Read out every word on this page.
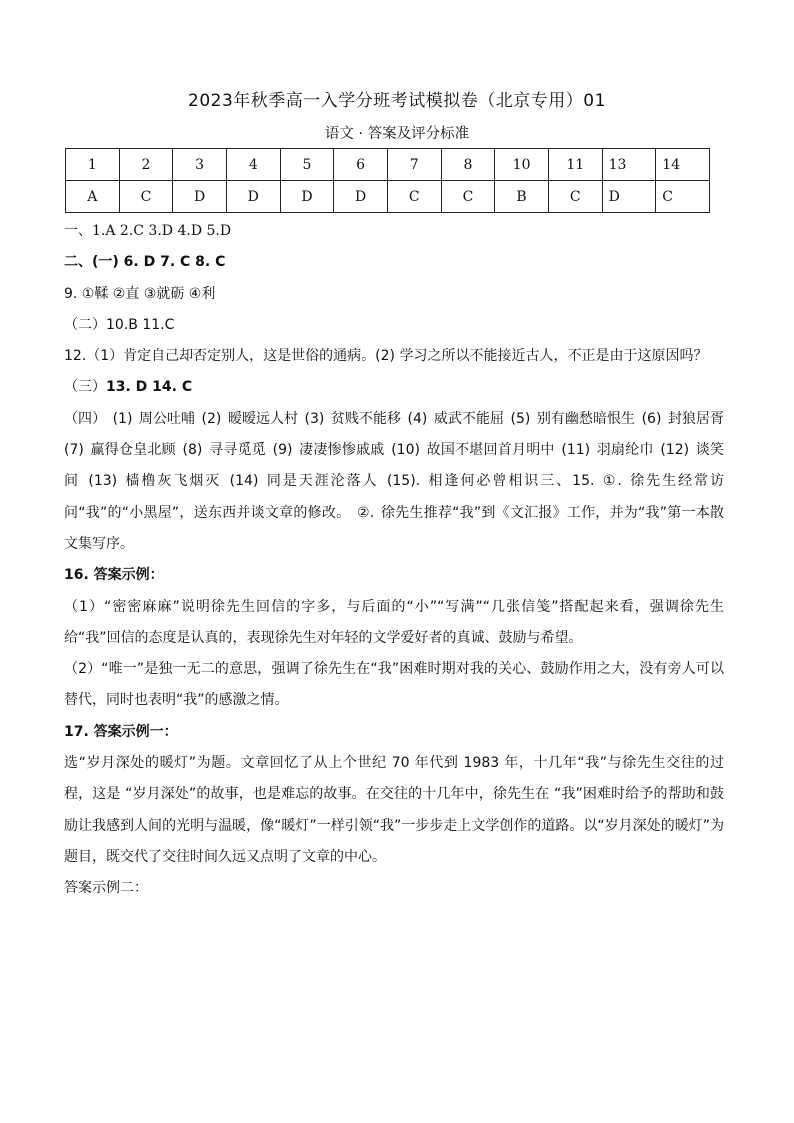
2023年秋季高一入学分班考试模拟卷（北京专用）01
语文 · 答案及评分标准
1	2	3	4	5	6	7	8	10	11	13	14
A	C	D	D	D	D	C	C	B	C	D	C

一、1.A 2.C 3.D 4.D 5.D

二、(一) 6. D 7. C 8. C

9. ①鞣 ②直 ③就砺 ④利

（二）10.B 11.C

12.（1）肯定自己却否定别人，这是世俗的通病。(2) 学习之所以不能接近古人，不正是由于这原因吗？

（三）13. D 14. C

（四） (1) 周公吐哺 (2) 暧暧远人村 (3) 贫贱不能移 (4) 威武不能屈 (5) 别有幽愁暗恨生 (6) 封狼居胥 (7) 赢得仓皇北顾 (8) 寻寻觅觅 (9) 凄凄惨惨戚戚 (10) 故国不堪回首月明中 (11) 羽扇纶巾 (12) 谈笑间 (13) 樯橹灰飞烟灭 (14) 同是天涯沦落人 (15). 相逢何必曾相识三、15. ①. 徐先生经常访问“我”的“小黑屋”，送东西并谈文章的修改。 ②. 徐先生推荐“我”到《文汇报》工作，并为“我”第一本散文集写序。

16. 答案示例：

（1）“密密麻麻”说明徐先生回信的字多，与后面的“小”“写满”“几张信笺”搭配起来看，强调徐先生给“我”回信的态度是认真的，表现徐先生对年轻的文学爱好者的真诚、鼓励与希望。

（2）“唯一”是独一无二的意思，强调了徐先生在“我”困难时期对我的关心、鼓励作用之大，没有旁人可以替代，同时也表明“我”的感激之情。

17. 答案示例一：

选“岁月深处的暖灯”为题。文章回忆了从上个世纪 70 年代到 1983 年，十几年“我”与徐先生交往的过程，这是 “岁月深处”的故事，也是难忘的故事。在交往的十几年中，徐先生在 “我”困难时给予的帮助和鼓励让我感到人间的光明与温暖，像“暖灯”一样引领“我”一步步走上文学创作的道路。以“岁月深处的暖灯”为题目，既交代了交往时间久远又点明了文章的中心。

答案示例二：
